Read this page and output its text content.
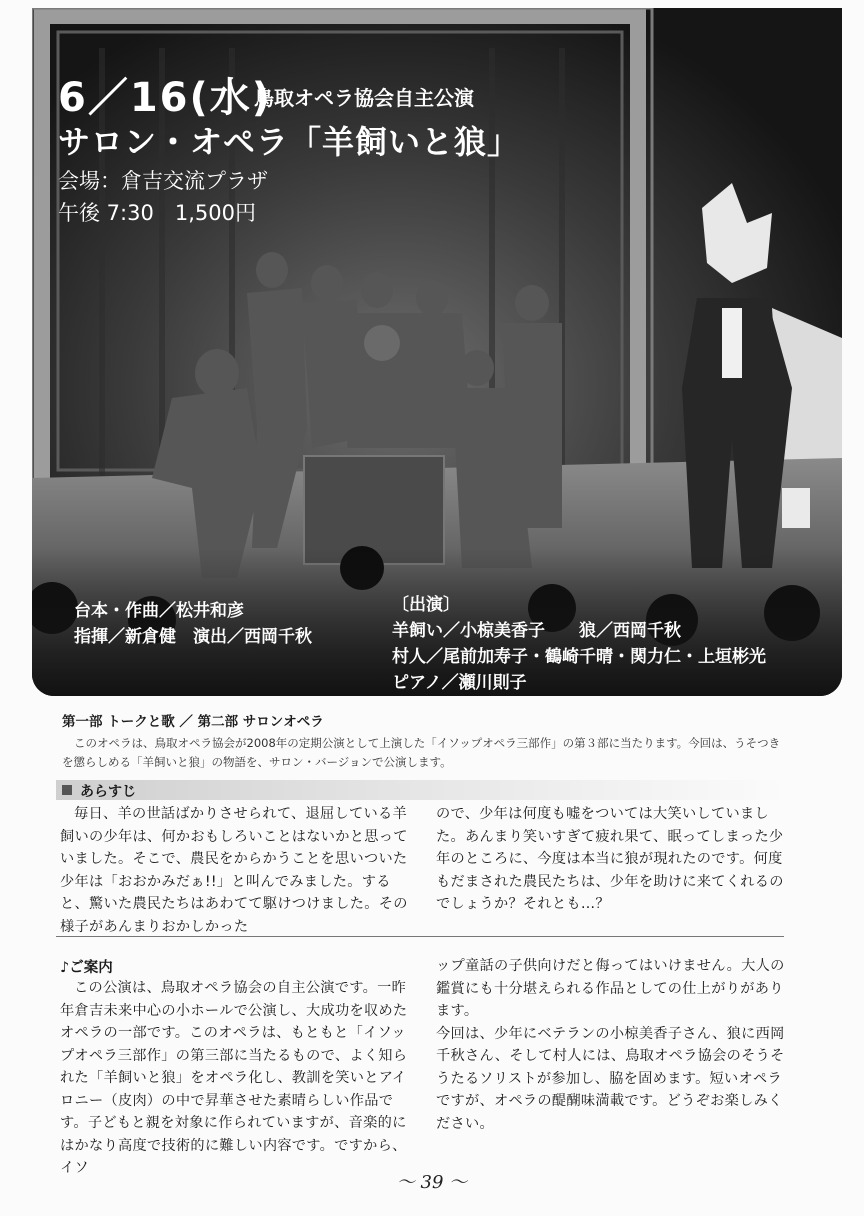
6／16(水)
鳥取オペラ協会自主公演
サロン・オペラ「羊飼いと狼」
会場：倉吉交流プラザ
午後 7:30　1,500円
台本・作曲／松井和彦
指揮／新倉健　演出／西岡千秋
〔出演〕
羊飼い／小椋美香子　　狼／西岡千秋
村人／尾前加寿子・鶴崎千晴・関力仁・上垣彬光
ピアノ／瀬川則子
第一部 トークと歌 ／ 第二部 サロンオペラ
このオペラは、鳥取オペラ協会が2008年の定期公演として上演した「イソップオペラ三部作」の第３部に当たります。今回は、うそつきを懲らしめる「羊飼いと狼」の物語を、サロン・バージョンで公演します。
あらすじ
毎日、羊の世話ばかりさせられて、退屈している羊飼いの少年は、何かおもしろいことはないかと思っていました。そこで、農民をからかうことを思いついた少年は「おおかみだぁ!!」と叫んでみました。すると、驚いた農民たちはあわてて駆けつけました。その様子があんまりおかしかった
ので、少年は何度も嘘をついては大笑いしていました。あんまり笑いすぎて疲れ果て、眠ってしまった少年のところに、今度は本当に狼が現れたのです。何度もだまされた農民たちは、少年を助けに来てくれるのでしょうか？それとも…？
♪ご案内
この公演は、鳥取オペラ協会の自主公演です。一昨年倉吉未来中心の小ホールで公演し、大成功を収めたオペラの一部です。このオペラは、もともと「イソップオペラ三部作」の第三部に当たるもので、よく知られた「羊飼いと狼」をオペラ化し、教訓を笑いとアイロニー（皮肉）の中で昇華させた素晴らしい作品です。子どもと親を対象に作られていますが、音楽的にはかなり高度で技術的に難しい内容です。ですから、イソ
ップ童話の子供向けだと侮ってはいけません。大人の鑑賞にも十分堪えられる作品としての仕上がりがあります。
今回は、少年にベテランの小椋美香子さん、狼に西岡千秋さん、そして村人には、鳥取オペラ協会のそうそうたるソリストが参加し、脇を固めます。短いオペラですが、オペラの醍醐味満載です。どうぞお楽しみください。
～ 39 ～
